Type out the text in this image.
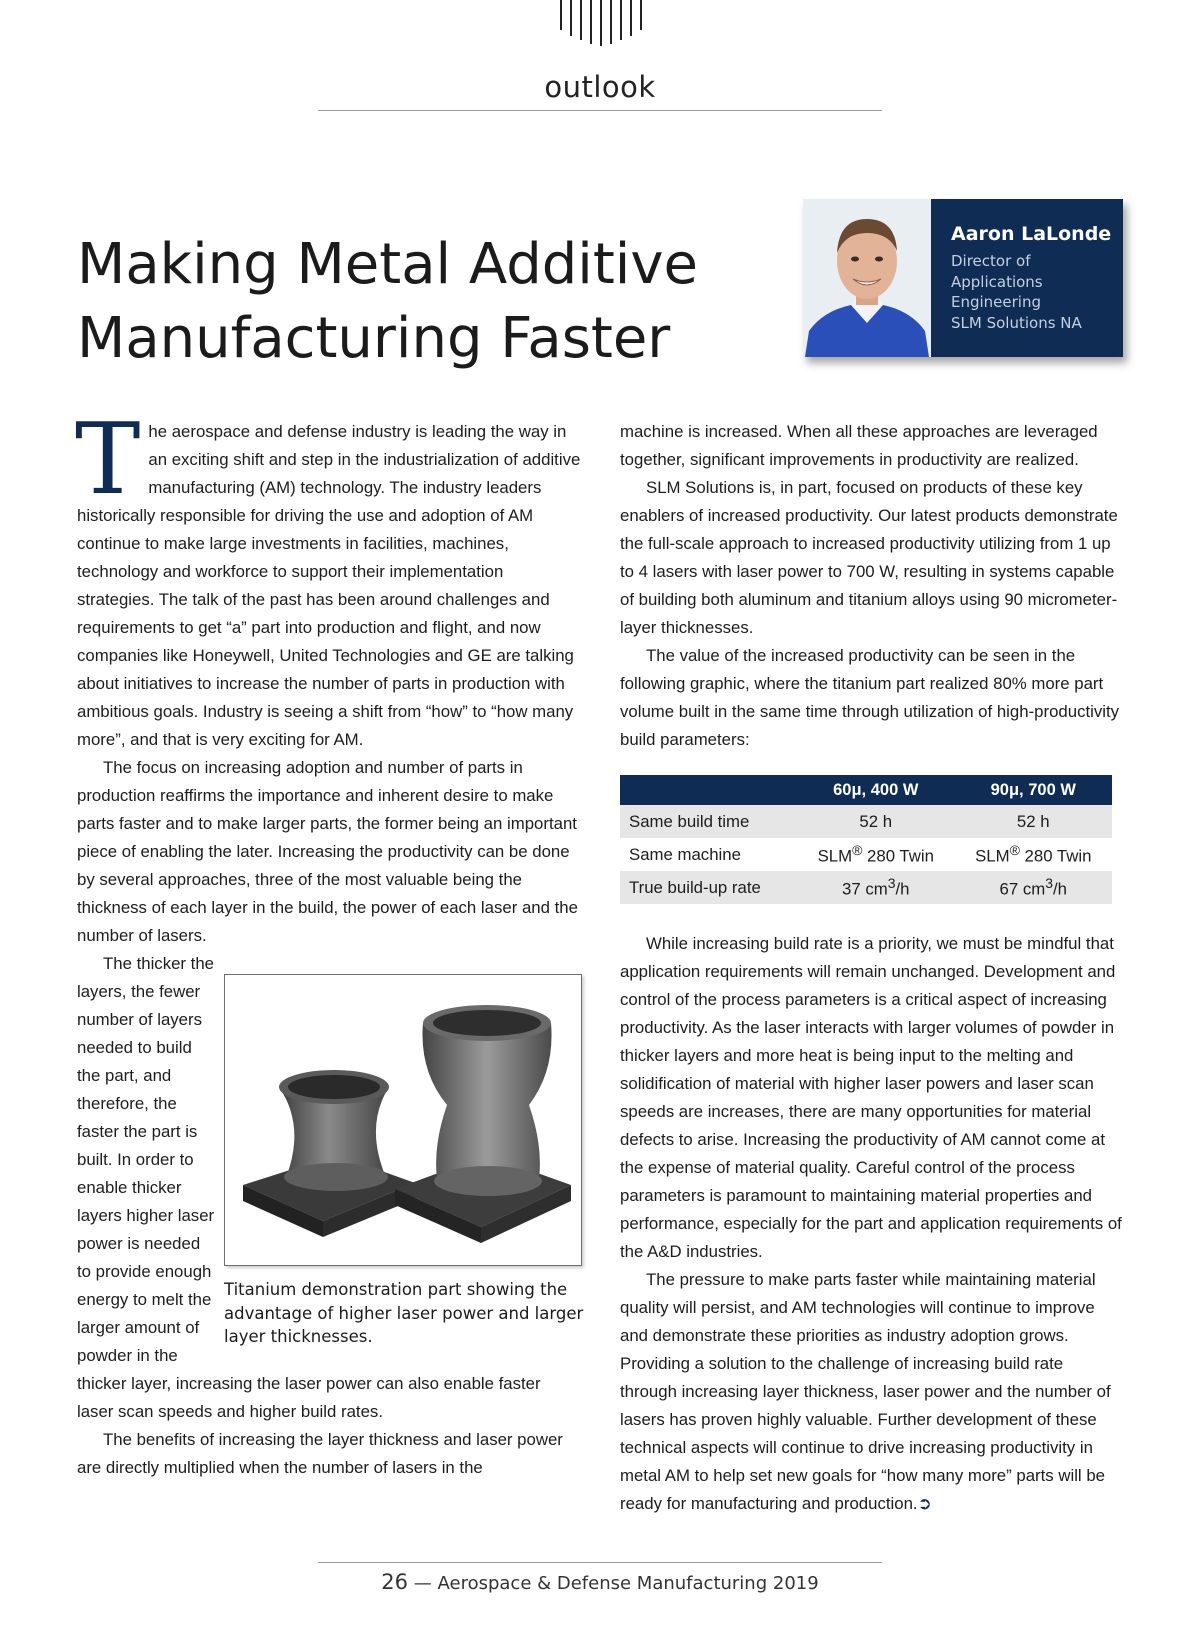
outlook
Making Metal Additive
Manufacturing Faster
Aaron LaLonde
Director of
Applications
Engineering
SLM Solutions NA

The aerospace and defense industry is leading the way in an exciting shift and step in the industrialization of additive manufacturing (AM) technology. The industry leaders historically responsible for driving the use and adoption of AM continue to make large investments in facilities, machines, technology and workforce to support their implementation strategies. The talk of the past has been around challenges and requirements to get “a” part into production and flight, and now companies like Honeywell, United Technologies and GE are talking about initiatives to increase the number of parts in production with ambitious goals. Industry is seeing a shift from “how” to “how many more”, and that is very exciting for AM.

The focus on increasing adoption and number of parts in production reaffirms the importance and inherent desire to make parts faster and to make larger parts, the former being an important piece of enabling the later. Increasing the productivity can be done by several approaches, three of the most valuable being the thickness of each layer in the build, the power of each laser and the number of lasers.

The thicker the layers, the fewer number of layers needed to build the part, and therefore, the faster the part is built. In order to enable thicker layers higher laser power is needed to provide enough energy to melt the larger amount of powder in the thicker layer, increasing the laser power can also enable faster laser scan speeds and higher build rates.

The benefits of increasing the layer thickness and laser power are directly multiplied when the number of lasers in the

Titanium demonstration part showing the advantage of higher laser power and larger layer thicknesses.

machine is increased. When all these approaches are leveraged together, significant improvements in productivity are realized.

SLM Solutions is, in part, focused on products of these key enablers of increased productivity. Our latest products demonstrate the full-scale approach to increased productivity utilizing from 1 up to 4 lasers with laser power to 700 W, resulting in systems capable of building both aluminum and titanium alloys using 90 micrometer-layer thicknesses.

The value of the increased productivity can be seen in the following graphic, where the titanium part realized 80% more part volume built in the same time through utilization of high-productivity build parameters:

While increasing build rate is a priority, we must be mindful that application requirements will remain unchanged. Development and control of the process parameters is a critical aspect of increasing productivity. As the laser interacts with larger volumes of powder in thicker layers and more heat is being input to the melting and solidification of material with higher laser powers and laser scan speeds are increases, there are many opportunities for material defects to arise. Increasing the productivity of AM cannot come at the expense of material quality. Careful control of the process parameters is paramount to maintaining material properties and performance, especially for the part and application requirements of the A&D industries.

The pressure to make parts faster while maintaining material quality will persist, and AM technologies will continue to improve and demonstrate these priorities as industry adoption grows. Providing a solution to the challenge of increasing build rate through increasing layer thickness, laser power and the number of lasers has proven highly valuable. Further development of these technical aspects will continue to drive increasing productivity in metal AM to help set new goals for “how many more” parts will be ready for manufacturing and production.➲

	60μ, 400 W	90μ, 700 W
Same build time	52 h	52 h
Same machine	SLM® 280 Twin	SLM® 280 Twin
True build-up rate	37 $cm^3/h$	67 $cm^3/h$
26 — Aerospace & Defense Manufacturing 2019
